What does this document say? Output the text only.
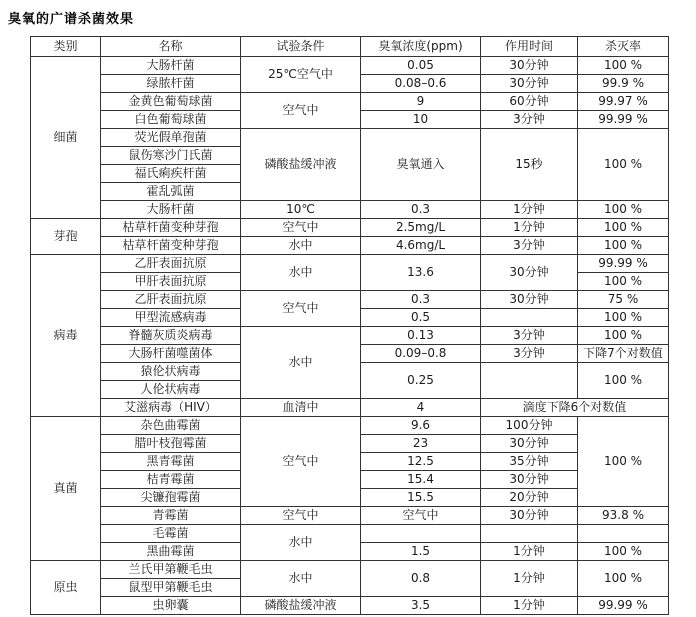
臭氧的广谱杀菌效果
类别	名称	试验条件	臭氧浓度(ppm)	作用时间	杀灭率
细菌	大肠杆菌	25℃空气中	0.05	30分钟	100 %
	绿脓杆菌		0.08–0.6	30分钟	99.9 %
	金黄色葡萄球菌	空气中	9	60分钟	99.97 %
	白色葡萄球菌		10	3分钟	99.99 %
	荧光假单孢菌	磷酸盐缓冲液	臭氧通入	15秒	100 %
	鼠伤寒沙门氏菌				
	福氏痢疾杆菌				
	霍乱弧菌				
	大肠杆菌	10℃	0.3	1分钟	100 %
芽孢	枯草杆菌变种芽孢	空气中	2.5mg/L	1分钟	100 %
	枯草杆菌变种芽孢	水中	4.6mg/L	3分钟	100 %
病毒	乙肝表面抗原	水中	13.6	30分钟	99.99 %
	甲肝表面抗原				100 %
	乙肝表面抗原	空气中	0.3	30分钟	75 %
	甲型流感病毒		0.5		100 %
	脊髓灰质炎病毒	水中	0.13	3分钟	100 %
	大肠杆菌噬菌体		0.09–0.8	3分钟	下降7个对数值
	猿伦状病毒		0.25		100 %
	人伦状病毒				
	艾滋病毒（HIV）	血清中	4	滴度下降6个对数值	
真菌	杂色曲霉菌	空气中	9.6	100分钟	100 %
	腊叶枝孢霉菌		23	30分钟	
	黑青霉菌		12.5	35分钟	
	桔青霉菌		15.4	30分钟	
	尖镰孢霉菌		15.5	20分钟	
	青霉菌	空气中	空气中	30分钟	93.8 %
	毛霉菌	水中			
	黑曲霉菌		1.5	1分钟	100 %
原虫	兰氏甲第鞭毛虫	水中	0.8	1分钟	100 %
	鼠型甲第鞭毛虫				
	虫卵囊	磷酸盐缓冲液	3.5	1分钟	99.99 %
